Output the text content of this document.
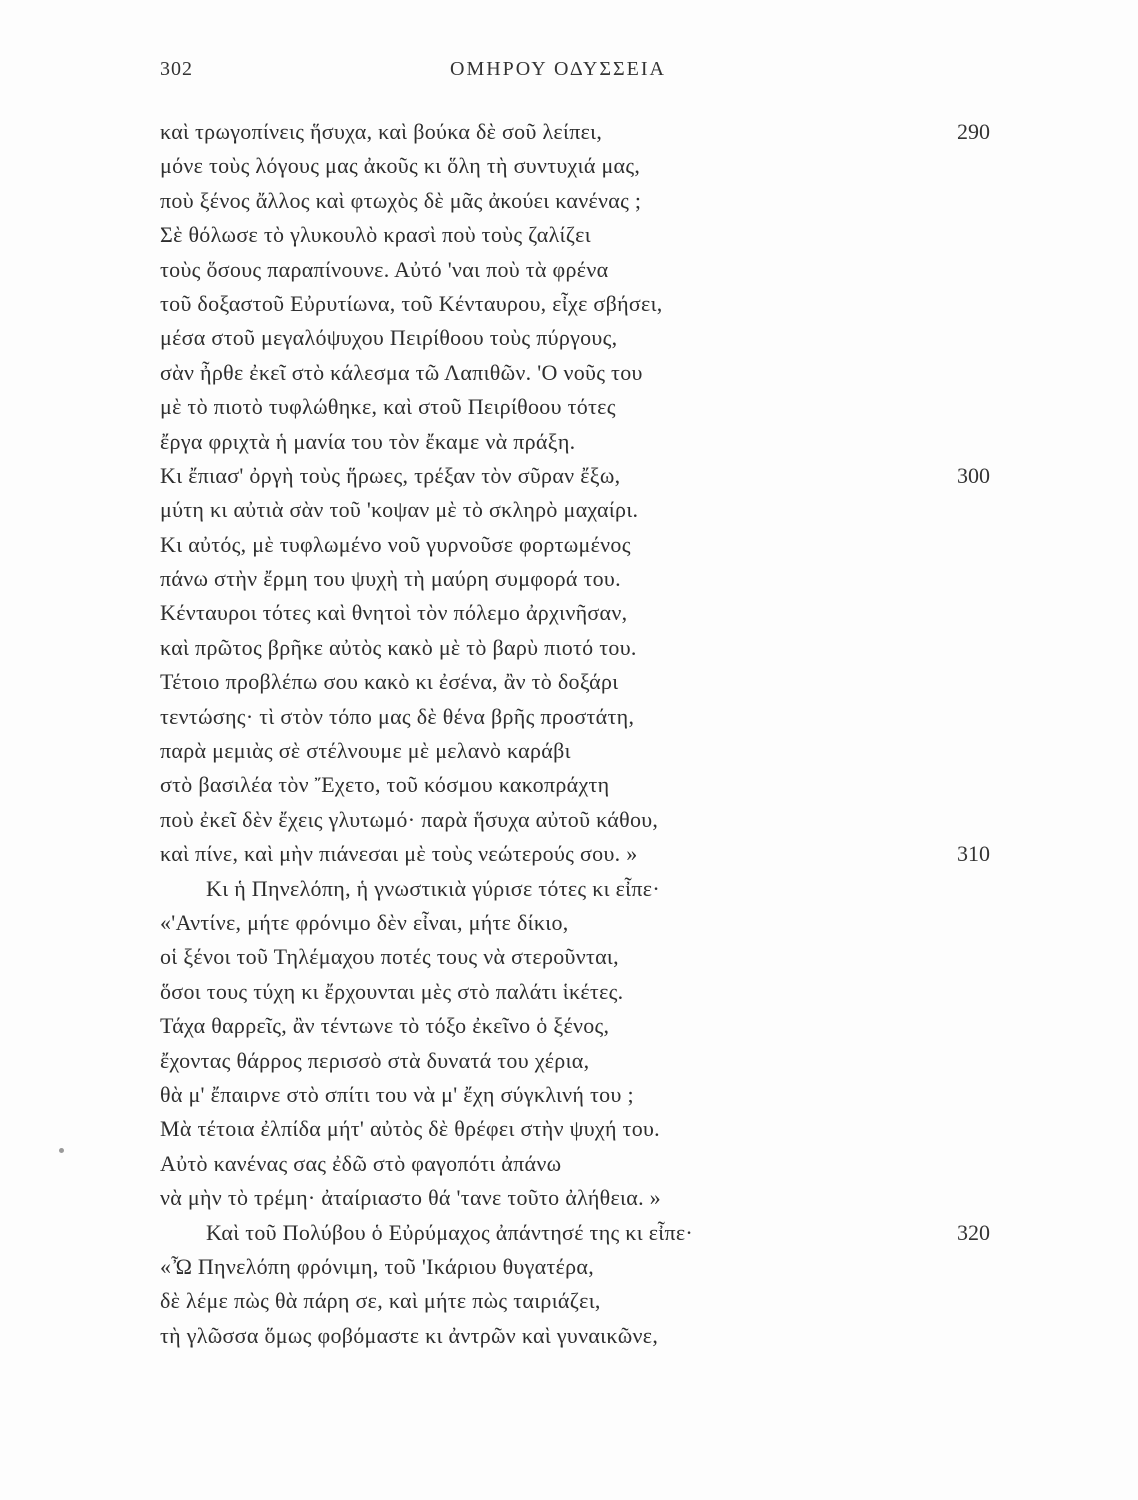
302	ΟΜΗΡΟΥ ΟΔΥΣΣΕΙΑ
καὶ τρωγοπίνεις ἥσυχα, καὶ βούκα δὲ σοῦ λείπει,	290
μόνε τοὺς λόγους μας ἀκοῦς κι ὅλη τὴ συντυχιά μας,
ποὺ ξένος ἄλλος καὶ φτωχὸς δὲ μᾶς ἀκούει κανένας ;
Σὲ θόλωσε τὸ γλυκουλὸ κρασὶ ποὺ τοὺς ζαλίζει
τοὺς ὅσους παραπίνουνε. Αὐτό 'ναι ποὺ τὰ φρένα
τοῦ δοξαστοῦ Εὐρυτίωνα, τοῦ Κένταυρου, εἶχε σβήσει,
μέσα στοῦ μεγαλόψυχου Πειρίθοου τοὺς πύργους,
σὰν ἦρθε ἐκεῖ στὸ κάλεσμα τῶ Λαπιθῶν. 'Ο νοῦς του
μὲ τὸ πιοτὸ τυφλώθηκε, καὶ στοῦ Πειρίθοου τότες
ἔργα φριχτὰ ἡ μανία του τὸν ἔκαμε νὰ πράξη.
Κι ἔπιασ' ὀργὴ τοὺς ἥρωες, τρέξαν τὸν σῦραν ἔξω,	300
μύτη κι αὐτιὰ σὰν τοῦ 'κοψαν μὲ τὸ σκληρὸ μαχαίρι.
Κι αὐτός, μὲ τυφλωμένο νοῦ γυρνοῦσε φορτωμένος
πάνω στὴν ἔρμη του ψυχὴ τὴ μαύρη συμφορά του.
Κένταυροι τότες καὶ θνητοὶ τὸν πόλεμο ἀρχινῆσαν,
καὶ πρῶτος βρῆκε αὐτὸς κακὸ μὲ τὸ βαρὺ πιοτό του.
Τέτοιο προβλέπω σου κακὸ κι ἐσένα, ἂν τὸ δοξάρι
τεντώσης· τὶ στὸν τόπο μας δὲ θένα βρῆς προστάτη,
παρὰ μεμιὰς σὲ στέλνουμε μὲ μελανὸ καράβι
στὸ βασιλέα τὸν Ἔχετο, τοῦ κόσμου κακοπράχτη
ποὺ ἐκεῖ δὲν ἔχεις γλυτωμό· παρὰ ἥσυχα αὐτοῦ κάθου,
καὶ πίνε, καὶ μὴν πιάνεσαι μὲ τοὺς νεώτερούς σου. »	310
Κι ἡ Πηνελόπη, ἡ γνωστικιὰ γύρισε τότες κι εἶπε·
«'Αντίνε, μήτε φρόνιμο δὲν εἶναι, μήτε δίκιο,
οἱ ξένοι τοῦ Τηλέμαχου ποτές τους νὰ στεροῦνται,
ὅσοι τους τύχη κι ἔρχουνται μὲς στὸ παλάτι ἱκέτες.
Τάχα θαρρεῖς, ἂν τέντωνε τὸ τόξο ἐκεῖνο ὁ ξένος,
ἔχοντας θάρρος περισσὸ στὰ δυνατά του χέρια,
θὰ μ' ἔπαιρνε στὸ σπίτι του νὰ μ' ἔχη σύγκλινή του ;
Μὰ τέτοια ἐλπίδα μήτ' αὐτὸς δὲ θρέφει στὴν ψυχή του.
Αὐτὸ κανένας σας ἐδῶ στὸ φαγοπότι ἀπάνω
νὰ μὴν τὸ τρέμη· ἀταίριαστο θά 'τανε τοῦτο ἀλήθεια. »
Καὶ τοῦ Πολύβου ὁ Εὐρύμαχος ἀπάντησέ της κι εἶπε·	320
«Ὦ Πηνελόπη φρόνιμη, τοῦ 'Ικάριου θυγατέρα,
δὲ λέμε πὼς θὰ πάρη σε, καὶ μήτε πὼς ταιριάζει,
τὴ γλῶσσα ὅμως φοβόμαστε κι ἀντρῶν καὶ γυναικῶνε,
